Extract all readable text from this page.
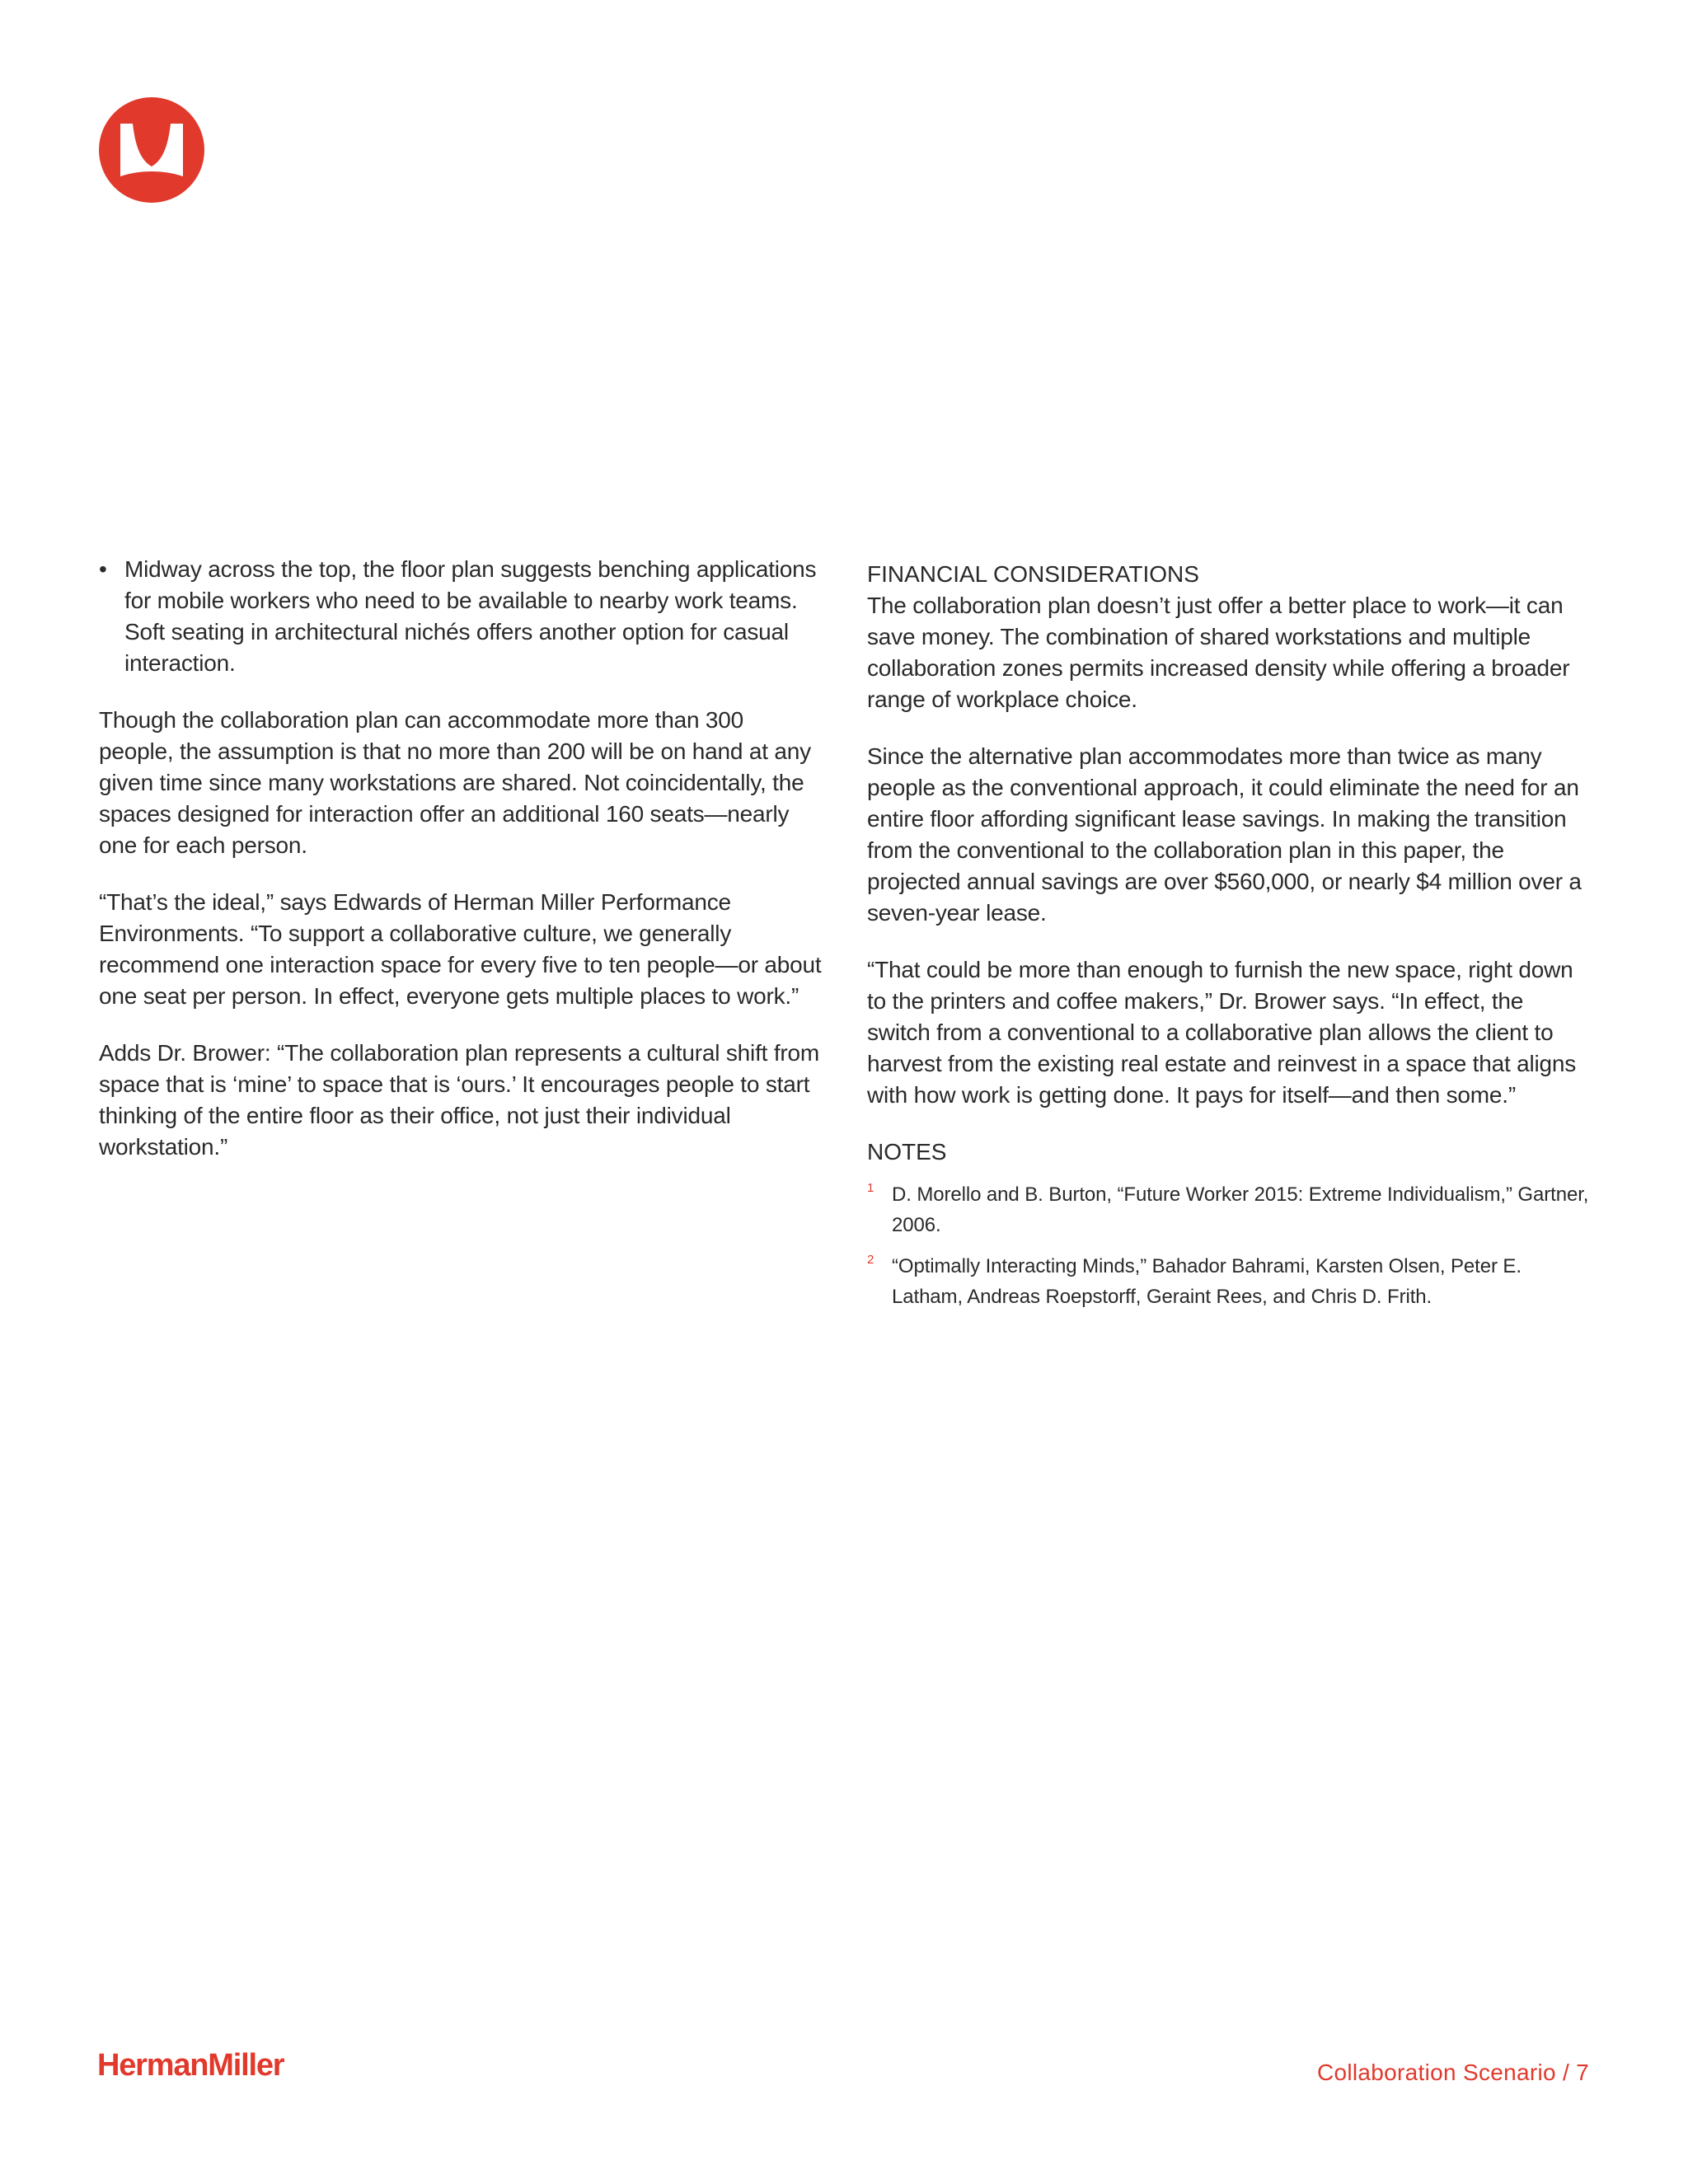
• Midway across the top, the floor plan suggests benching applications for mobile workers who need to be available to nearby work teams. Soft seating in architectural nichés offers another option for casual interaction.

Though the collaboration plan can accommodate more than 300 people, the assumption is that no more than 200 will be on hand at any given time since many workstations are shared. Not coincidentally, the spaces designed for interaction offer an additional 160 seats—nearly one for each person.

“That’s the ideal,” says Edwards of Herman Miller Performance Environments. “To support a collaborative culture, we generally recommend one interaction space for every five to ten people—or about one seat per person. In effect, everyone gets multiple places to work.”

Adds Dr. Brower: “The collaboration plan represents a cultural shift from space that is ‘mine’ to space that is ‘ours.’ It encourages people to start thinking of the entire floor as their office, not just their individual workstation.”

FINANCIAL CONSIDERATIONS

The collaboration plan doesn’t just offer a better place to work—it can save money. The combination of shared workstations and multiple collaboration zones permits increased density while offering a broader range of workplace choice.

Since the alternative plan accommodates more than twice as many people as the conventional approach, it could eliminate the need for an entire floor affording significant lease savings. In making the transition from the conventional to the collaboration plan in this paper, the projected annual savings are over $560,000, or nearly $4 million over a seven-year lease.

“That could be more than enough to furnish the new space, right down to the printers and coffee makers,” Dr. Brower says. “In effect, the switch from a conventional to a collaborative plan allows the client to harvest from the existing real estate and reinvest in a space that aligns with how work is getting done. It pays for itself—and then some.”

NOTES
1 D. Morello and B. Burton, “Future Worker 2015: Extreme Individualism,” Gartner, 2006.
2 “Optimally Interacting Minds,” Bahador Bahrami, Karsten Olsen, Peter E. Latham, Andreas Roepstorff, Geraint Rees, and Chris D. Frith.
HermanMiller	Collaboration Scenario / 7
